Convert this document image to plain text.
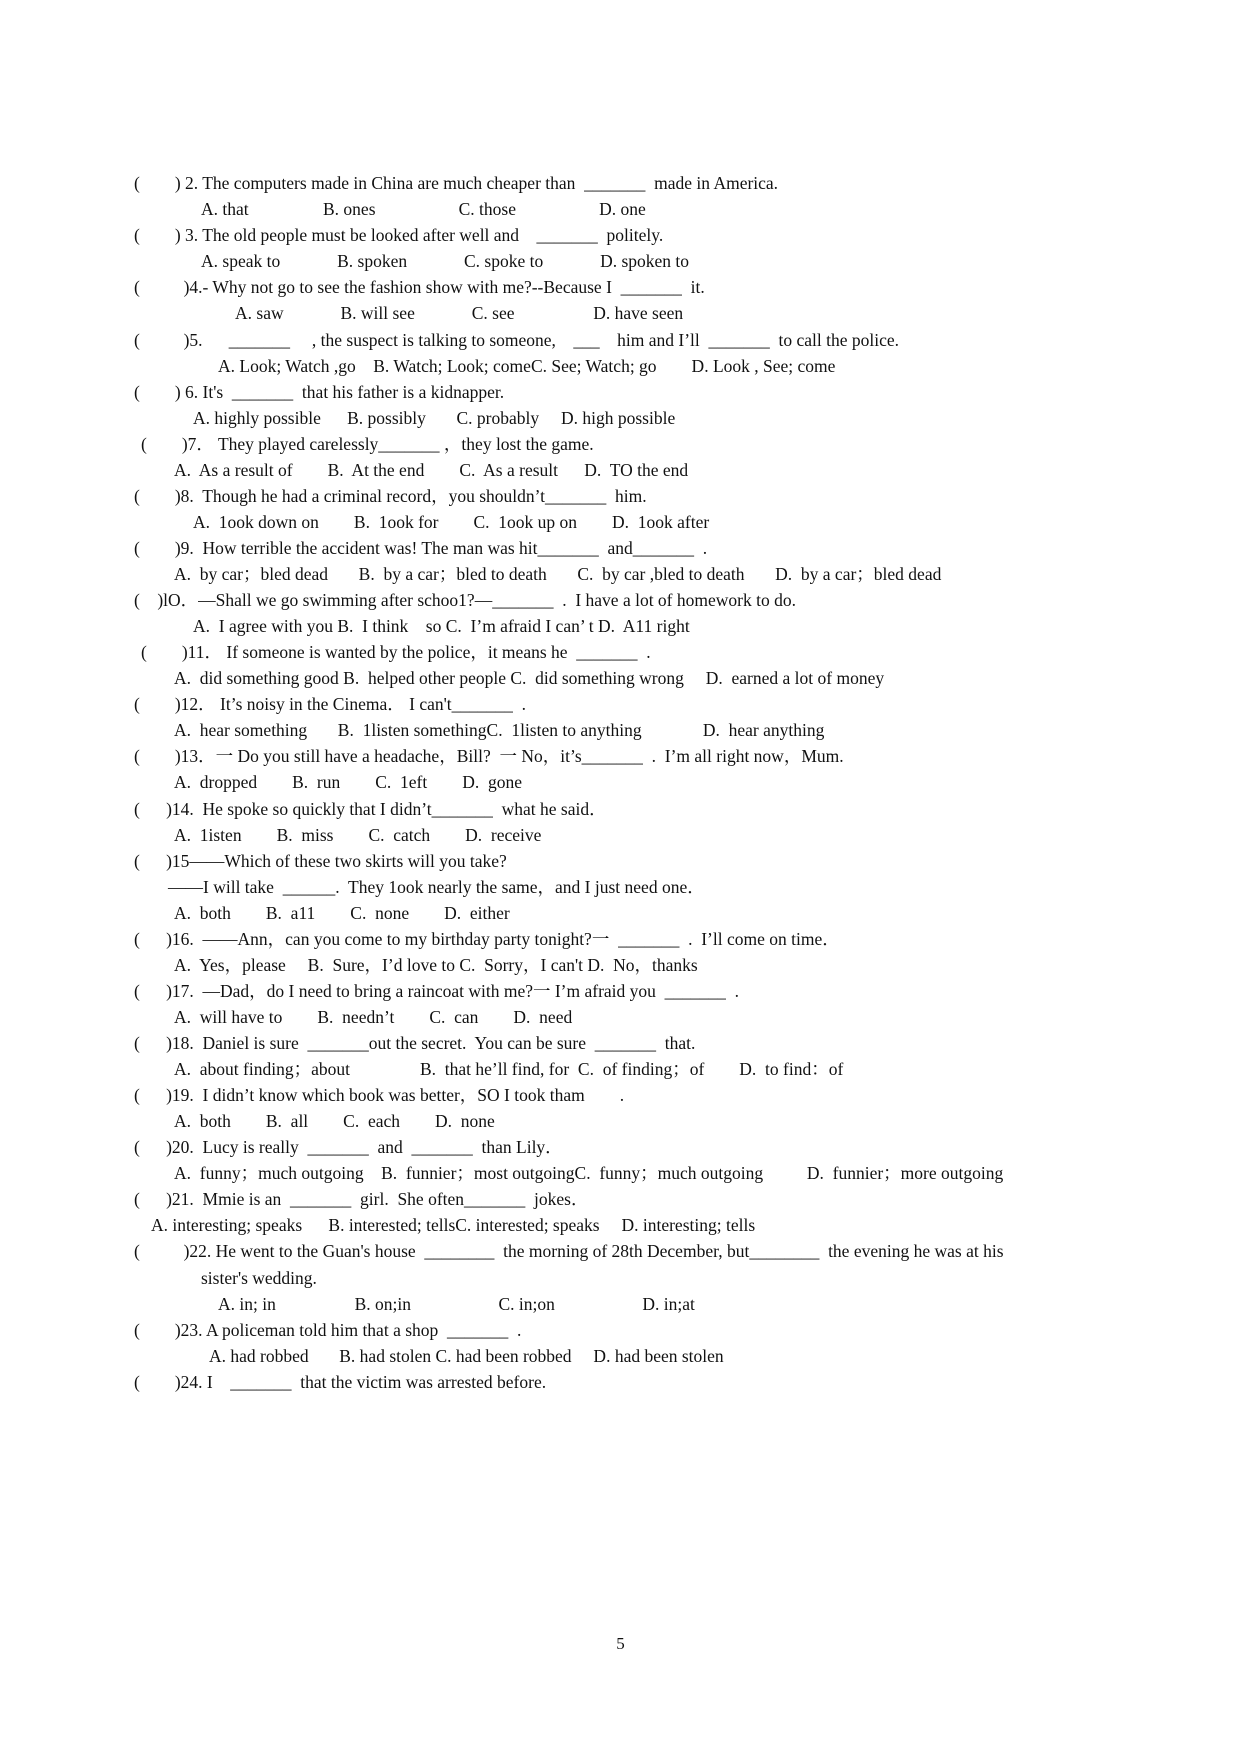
(        ) 2. The computers made in China are much cheaper than  _______  made in America.
A. that                 B. ones                   C. those                   D. one
(        ) 3. The old people must be looked after well and    _______  politely.
A. speak to             B. spoken             C. spoke to             D. spoken to
(          )4.- Why not go to see the fashion show with me?--Because I  _______  it.
A. saw             B. will see             C. see                  D. have seen
(          )5.      _______     , the suspect is talking to someone,    ___    him and I’ll  _______  to call the police.
A. Look; Watch ,go    B. Watch; Look; comeC. See; Watch; go        D. Look , See; come
(        ) 6. It's  _______  that his father is a kidnapper.
A. highly possible      B. possibly       C. probably     D. high possible
(        )7． They played carelessly_______ ，they lost the game.
A.  As a result of        B.  At the end        C.  As a result      D.  TO the end
(        )8.  Though he had a criminal record，you shouldn’t_______  him.
A.  1ook down on        B.  1ook for        C.  1ook up on        D.  1ook after
(        )9.  How terrible the accident was! The man was hit_______  and_______  .
A.  by car；bled dead       B.  by a car；bled to death       C.  by car ,bled to death       D.  by a car；bled dead
(    )lO．—Shall we go swimming after schoo1?—_______  .  I have a lot of homework to do.
A.  I agree with you B.  I think    so C.  I’m afraid I can’ t D.  A11 right
(        )11． If someone is wanted by the police，it means he  _______  .
A.  did something good B.  helped other people C.  did something wrong     D.  earned a lot of money
(        )12． It’s noisy in the Cinema． I can't_______  .
A.  hear something       B.  1listen somethingC.  1listen to anything              D.  hear anything
(        )13．一 Do you still have a headache，Bill?  一 No，it’s_______  .  I’m all right now，Mum.
A.  dropped        B.  run        C.  1eft        D.  gone
(      )14.  He spoke so quickly that I didn’t_______  what he said．
A.  1isten        B.  miss        C.  catch        D.  receive
(      )15——Which of these two skirts will you take?
——I will take  ______.  They 1ook nearly the same，and I just need one．
A.  both        B.  a11        C.  none        D.  either
(      )16.  ——Ann，can you come to my birthday party tonight?一  _______  .  I’ll come on time．
A.  Yes，please     B.  Sure，I’d love to C.  Sorry，I can't D.  No，thanks
(      )17.  —Dad，do I need to bring a raincoat with me?一 I’m afraid you  _______  .
A.  will have to        B.  needn’t        C.  can        D.  need
(      )18.  Daniel is sure  _______out the secret.  You can be sure  _______  that.
A.  about finding；about                B.  that he’ll find, for  C.  of finding；of        D.  to find：of
(      )19.  I didn’t know which book was better，SO I took tham        .
A.  both        B.  all        C.  each        D.  none
(      )20.  Lucy is really  _______  and  _______  than Lily．
A.  funny；much outgoing    B.  funnier；most outgoingC.  funny；much outgoing          D.  funnier；more outgoing
(      )21.  Mmie is an  _______  girl.  She often_______  jokes．
A. interesting; speaks      B. interested; tellsC. interested; speaks     D. interesting; tells
(          )22. He went to the Guan's house  ________  the morning of 28th December, but________  the evening he was at his
sister's wedding.
A. in; in                  B. on;in                    C. in;on                    D. in;at
(        )23. A policeman told him that a shop  _______  .
A. had robbed       B. had stolen C. had been robbed     D. had been stolen
(        )24. I    _______  that the victim was arrested before.
5
